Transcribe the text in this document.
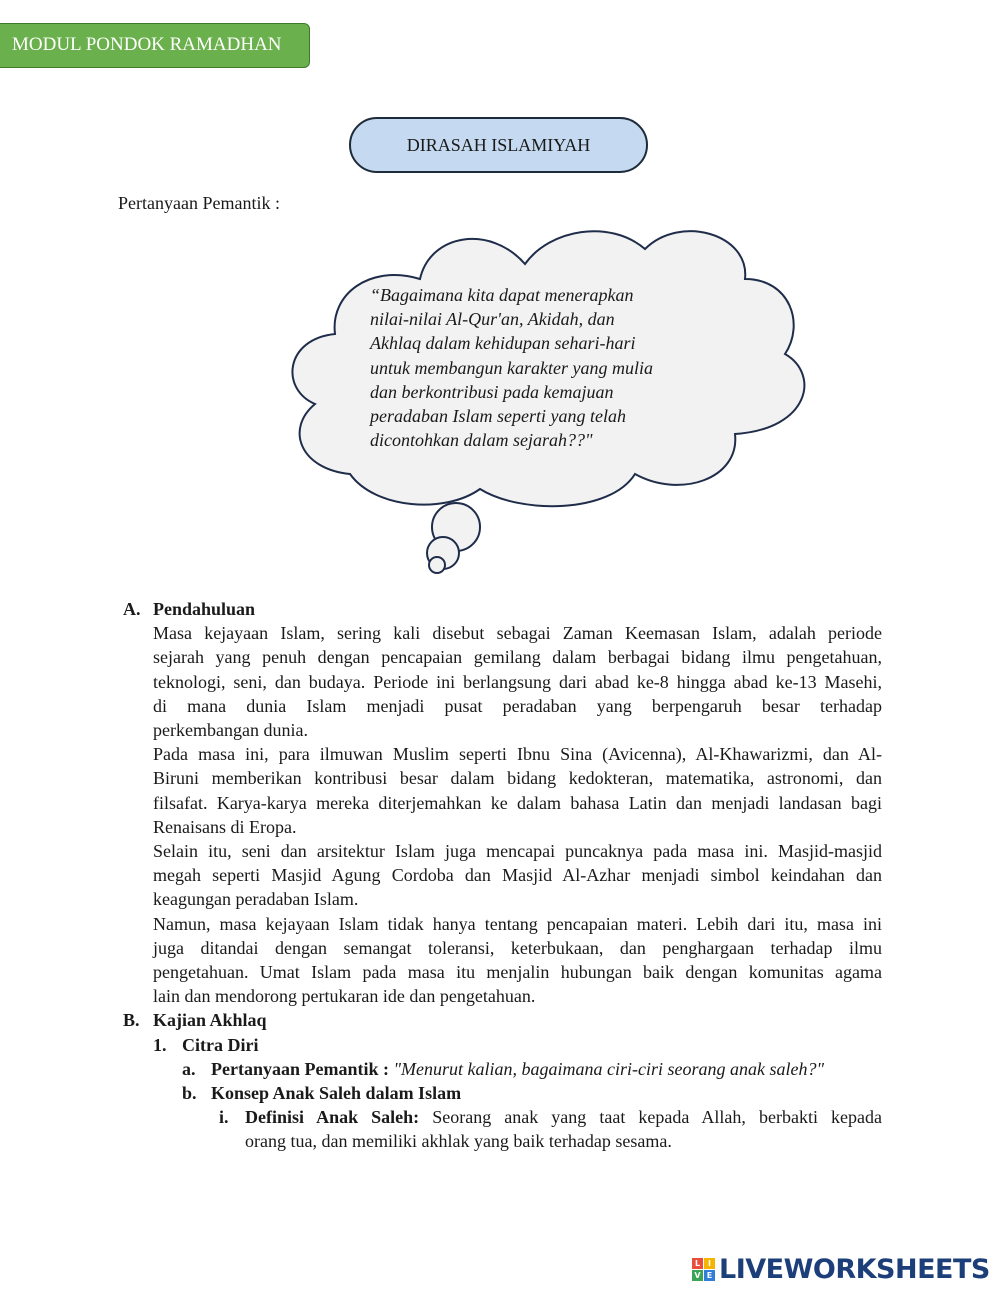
MODUL PONDOK RAMADHAN
DIRASAH ISLAMIYAH
Pertanyaan Pemantik :
“Bagaimana kita dapat menerapkan
nilai-nilai Al-Qur'an, Akidah, dan
Akhlaq dalam kehidupan sehari-hari
untuk membangun karakter yang mulia
dan berkontribusi pada kemajuan
peradaban Islam seperti yang telah
dicontohkan dalam sejarah??"
A. Pendahuluan
Masa kejayaan Islam, sering kali disebut sebagai Zaman Keemasan Islam, adalah periode
sejarah yang penuh dengan pencapaian gemilang dalam berbagai bidang ilmu pengetahuan,
teknologi, seni, dan budaya. Periode ini berlangsung dari abad ke-8 hingga abad ke-13 Masehi,
di mana dunia Islam menjadi pusat peradaban yang berpengaruh besar terhadap
perkembangan dunia.
Pada masa ini, para ilmuwan Muslim seperti Ibnu Sina (Avicenna), Al-Khawarizmi, dan Al-
Biruni memberikan kontribusi besar dalam bidang kedokteran, matematika, astronomi, dan
filsafat. Karya-karya mereka diterjemahkan ke dalam bahasa Latin dan menjadi landasan bagi
Renaisans di Eropa.
Selain itu, seni dan arsitektur Islam juga mencapai puncaknya pada masa ini. Masjid-masjid
megah seperti Masjid Agung Cordoba dan Masjid Al-Azhar menjadi simbol keindahan dan
keagungan peradaban Islam.
Namun, masa kejayaan Islam tidak hanya tentang pencapaian materi. Lebih dari itu, masa ini
juga ditandai dengan semangat toleransi, keterbukaan, dan penghargaan terhadap ilmu
pengetahuan. Umat Islam pada masa itu menjalin hubungan baik dengan komunitas agama
lain dan mendorong pertukaran ide dan pengetahuan.
B. Kajian Akhlaq
1. Citra Diri
a. Pertanyaan Pemantik : "Menurut kalian, bagaimana ciri-ciri seorang anak saleh?"
b. Konsep Anak Saleh dalam Islam
i. Definisi Anak Saleh: Seorang anak yang taat kepada Allah, berbakti kepada
orang tua, dan memiliki akhlak yang baik terhadap sesama.
L I
V E LIVEWORKSHEETS
